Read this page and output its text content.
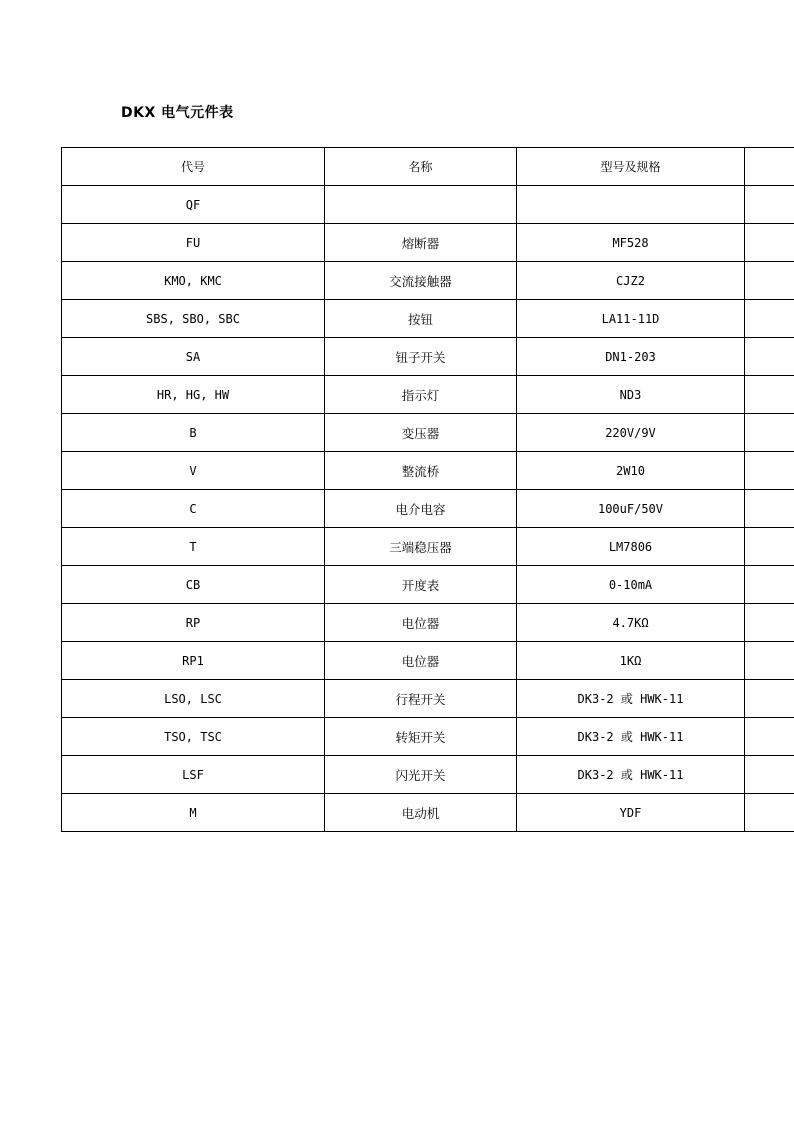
DKX 电气元件表
代号	名称	型号及规格	
QF			
FU	熔断器	MF528	
KMO, KMC	交流接触器	CJZ2	
SBS, SBO, SBC	按钮	LA11-11D	
SA	钮子开关	DN1-203	
HR, HG, HW	指示灯	ND3	
B	变压器	220V/9V	
V	整流桥	2W10	
C	电介电容	100uF/50V	
T	三端稳压器	LM7806	
CB	开度表	0-10mA	
RP	电位器	4.7KΩ	
RP1	电位器	1KΩ	
LSO, LSC	行程开关	DK3-2 或 HWK-11	
TSO, TSC	转矩开关	DK3-2 或 HWK-11	
LSF	闪光开关	DK3-2 或 HWK-11	
M	电动机	YDF	
